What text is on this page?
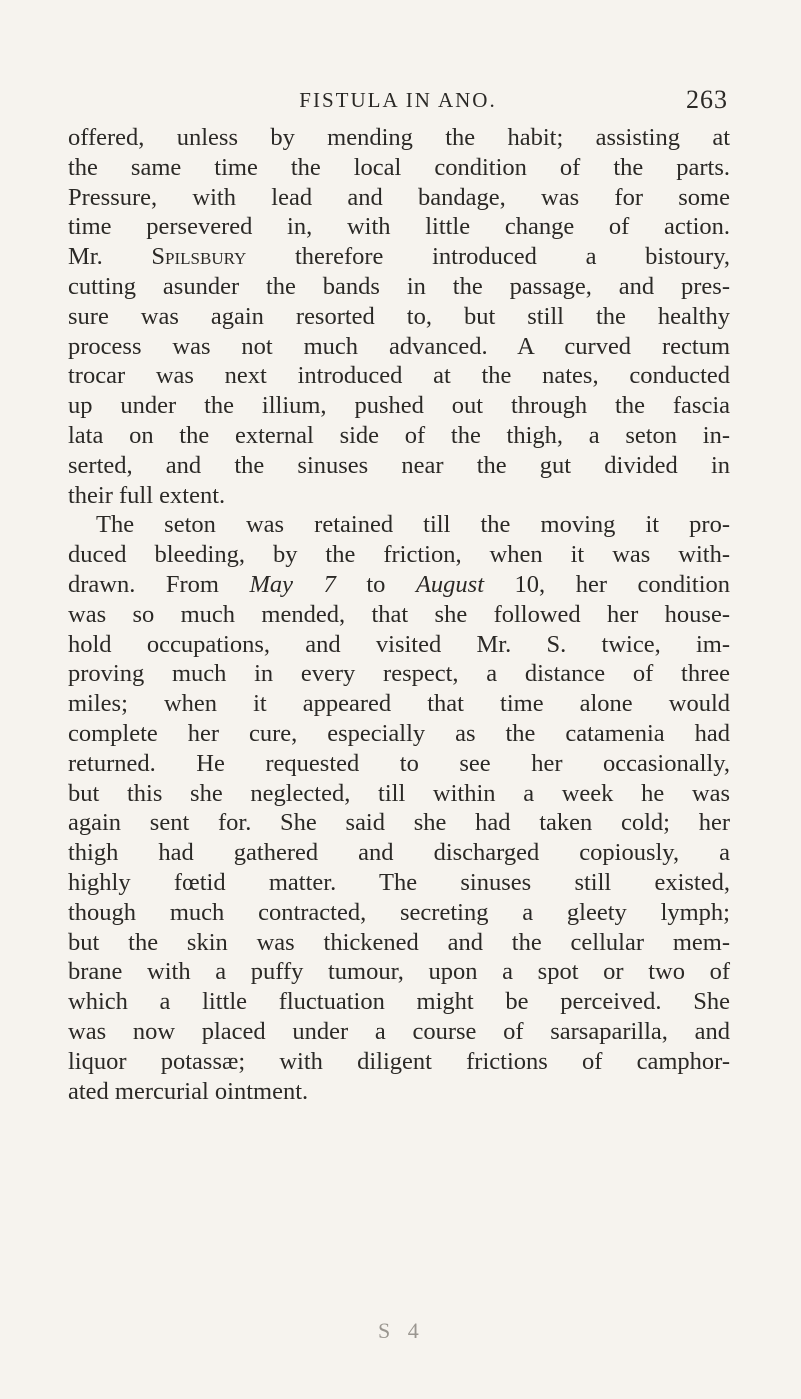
FISTULA IN ANO.	263
offered, unless by mending the habit; assisting at
the same time the local condition of the parts.
Pressure, with lead and bandage, was for some
time persevered in, with little change of action.
Mr. Spilsbury therefore introduced a bistoury,
cutting asunder the bands in the passage, and pres-
sure was again resorted to, but still the healthy
process was not much advanced. A curved rectum
trocar was next introduced at the nates, conducted
up under the illium, pushed out through the fascia
lata on the external side of the thigh, a seton in-
serted, and the sinuses near the gut divided in
their full extent.
The seton was retained till the moving it pro-
duced bleeding, by the friction, when it was with-
drawn. From May 7 to August 10, her condition
was so much mended, that she followed her house-
hold occupations, and visited Mr. S. twice, im-
proving much in every respect, a distance of three
miles; when it appeared that time alone would
complete her cure, especially as the catamenia had
returned. He requested to see her occasionally,
but this she neglected, till within a week he was
again sent for. She said she had taken cold; her
thigh had gathered and discharged copiously, a
highly fœtid matter. The sinuses still existed,
though much contracted, secreting a gleety lymph;
but the skin was thickened and the cellular mem-
brane with a puffy tumour, upon a spot or two of
which a little fluctuation might be perceived. She
was now placed under a course of sarsaparilla, and
liquor potassæ; with diligent frictions of camphor-
ated mercurial ointment.
S 4
